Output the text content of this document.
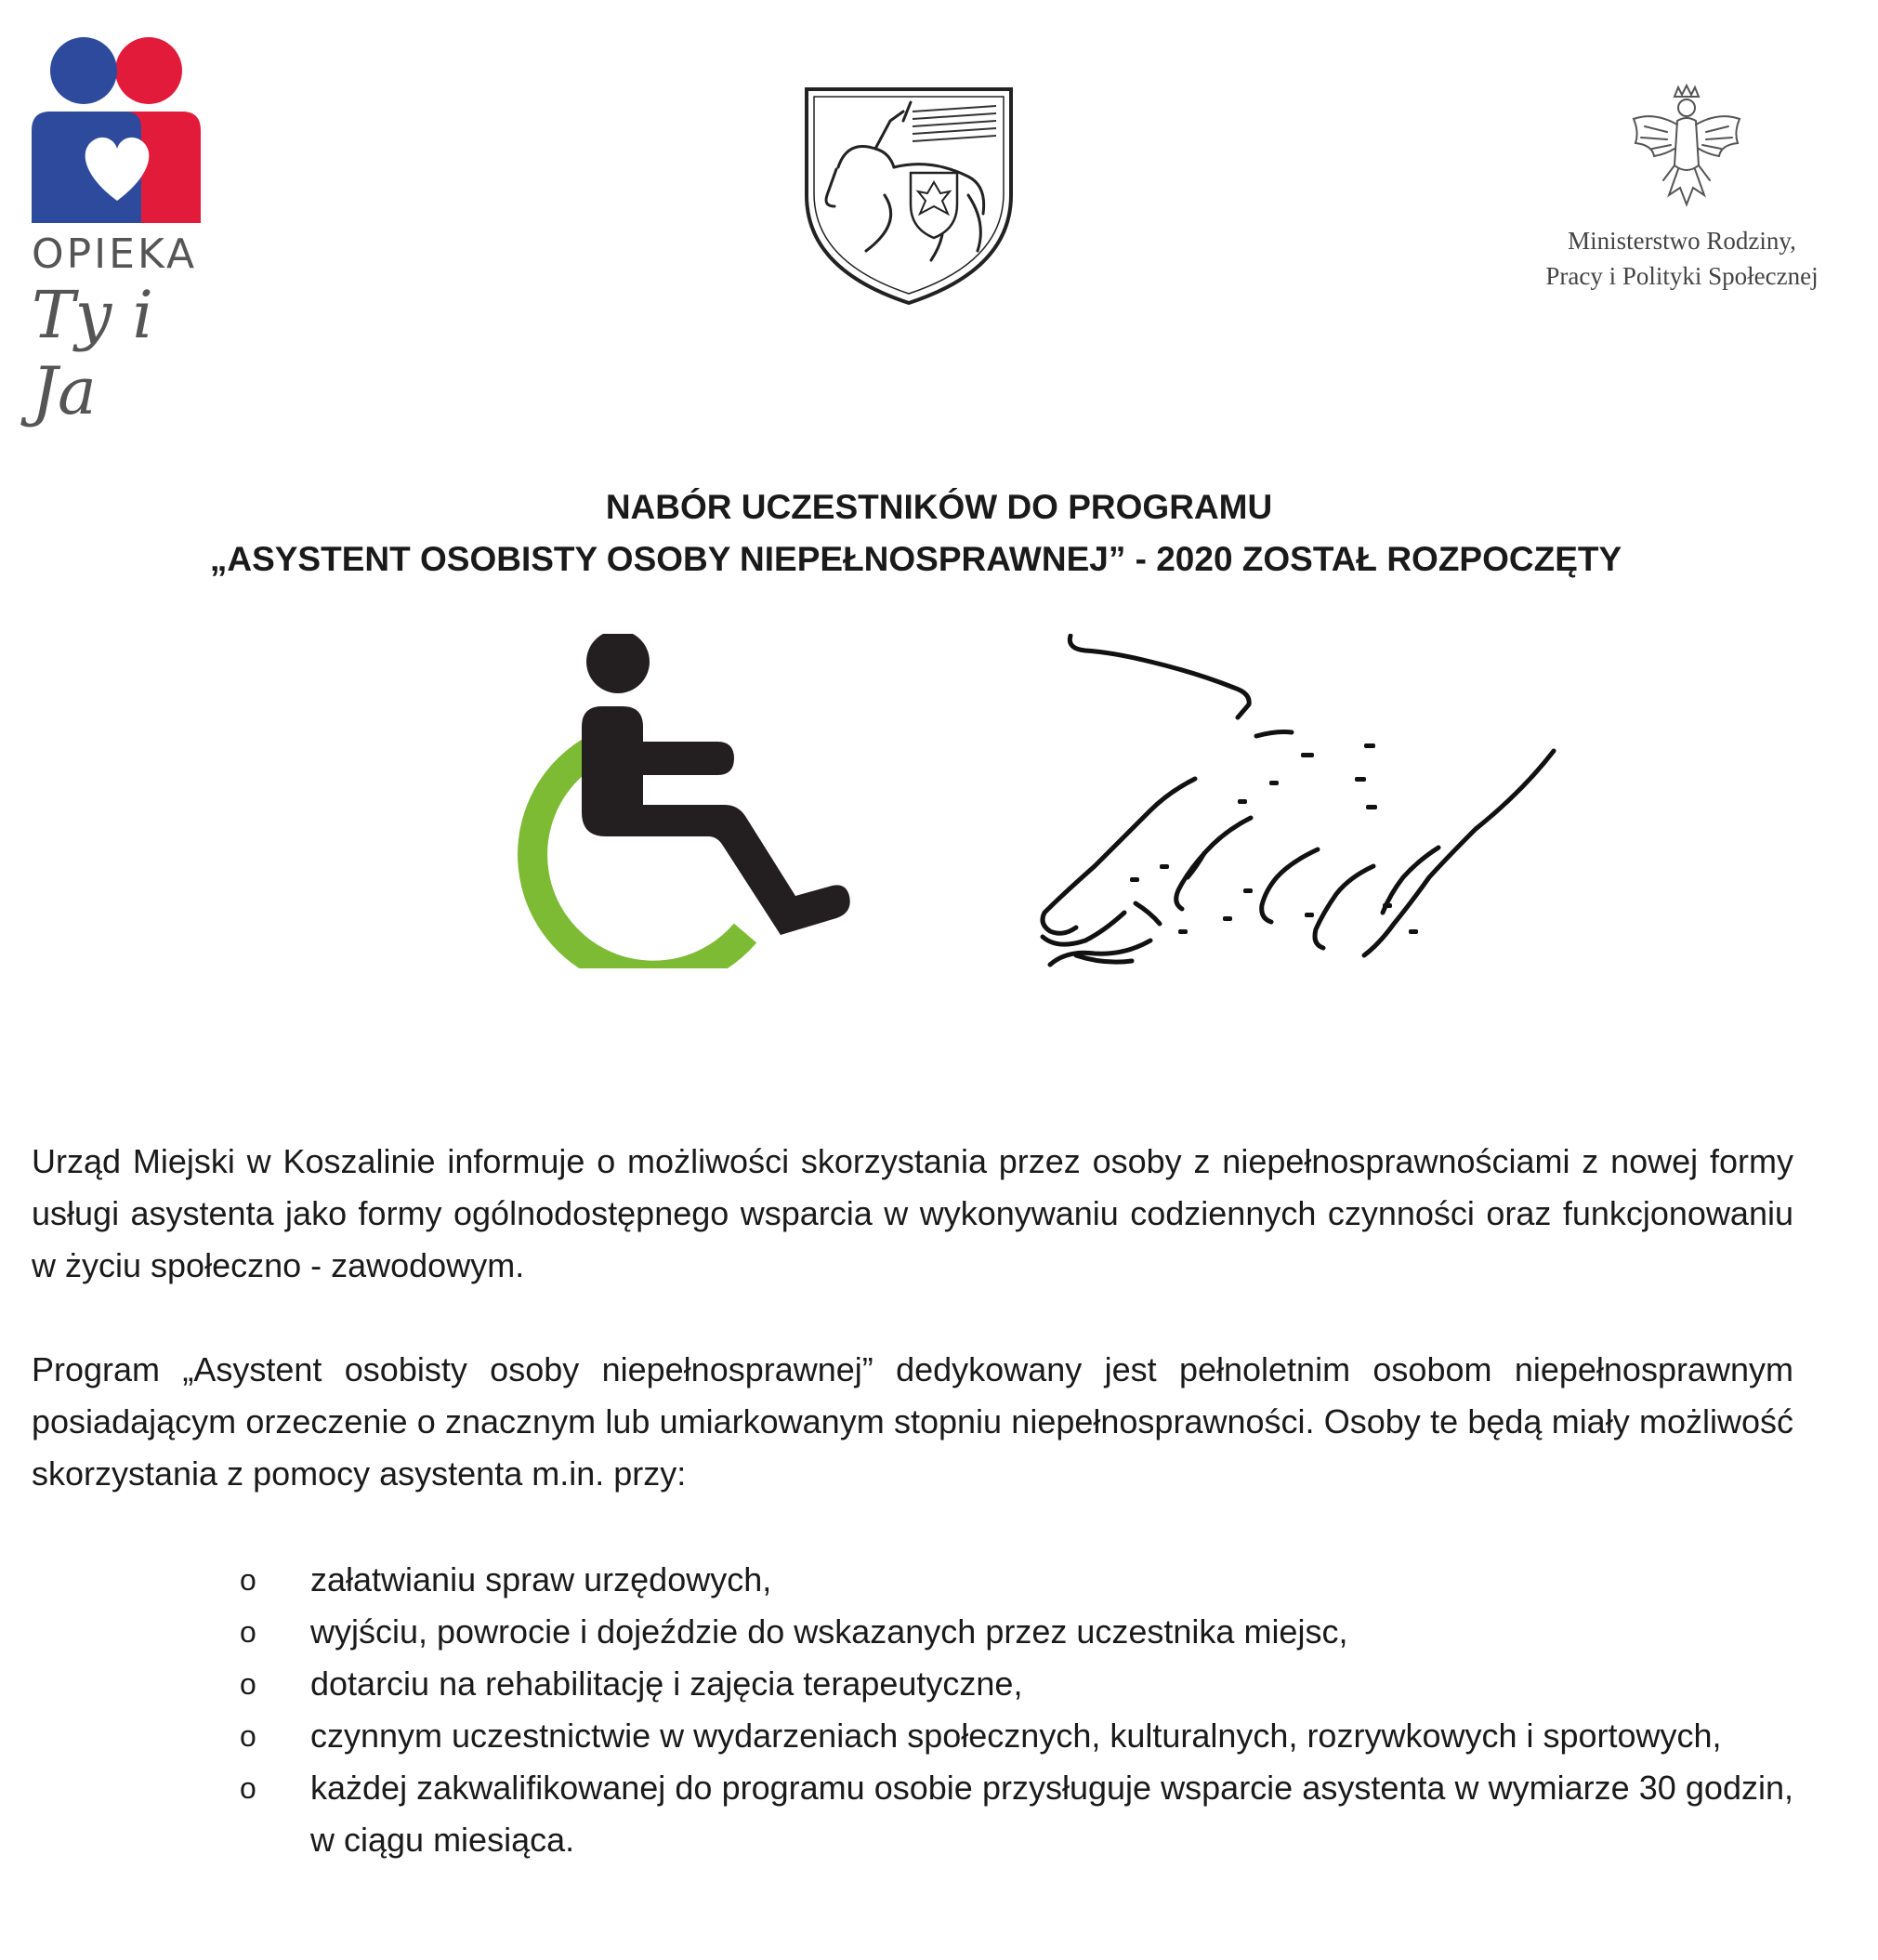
OPIEKA
Ty i Ja
Ministerstwo Rodziny,
Pracy i Polityki Społecznej
NABÓR UCZESTNIKÓW DO PROGRAMU
„ASYSTENT OSOBISTY OSOBY NIEPEŁNOSPRAWNEJ” - 2020 ZOSTAŁ ROZPOCZĘTY
Urząd Miejski w Koszalinie informuje o możliwości skorzystania przez osoby z niepełnosprawnościami z nowej formy usługi asystenta jako formy ogólnodostępnego wsparcia w wykonywaniu codziennych czynności oraz funkcjonowaniu w życiu społeczno - zawodowym.
Program „Asystent osobisty osoby niepełnosprawnej” dedykowany jest pełnoletnim osobom niepełnosprawnym posiadającym orzeczenie o znacznym lub umiarkowanym stopniu niepełnosprawności. Osoby te będą miały możliwość skorzystania z pomocy asystenta m.in. przy:
o załatwianiu spraw urzędowych,
o wyjściu, powrocie i dojeździe do wskazanych przez uczestnika miejsc,
o dotarciu na rehabilitację i zajęcia terapeutyczne,
o czynnym uczestnictwie w wydarzeniach społecznych, kulturalnych, rozrywkowych i sportowych,
o każdej zakwalifikowanej do programu osobie przysługuje wsparcie asystenta w wymiarze 30 godzin, w ciągu miesiąca.
